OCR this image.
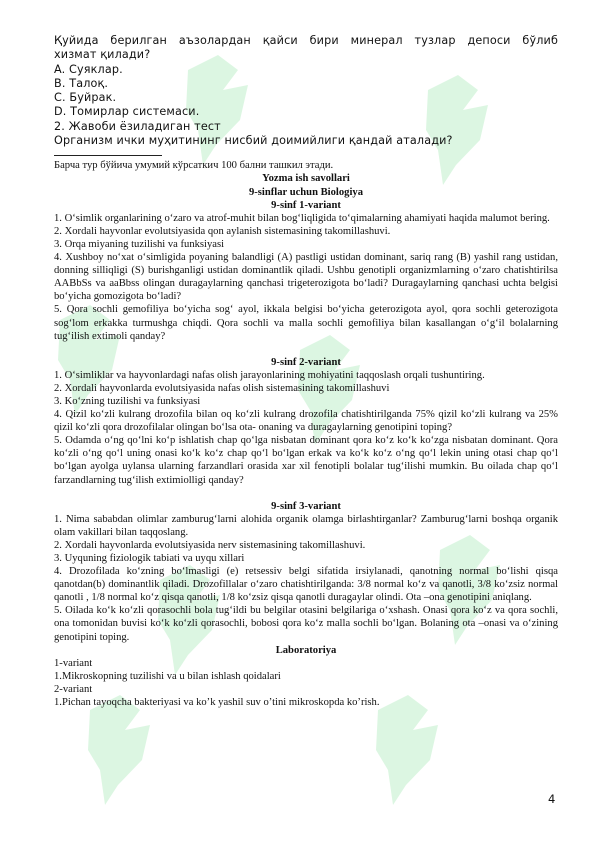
Қуйида берилган аъзолардан қайси бири минерал тузлар депоси бўлиб
хизмат қилади?
A. Суяклар.
B. Талоқ.
C. Буйрак.
D. Томирлар системаси.
2. Жавоби ёзиладиган тест
Организм ички муҳитининг нисбий доимийлиги қандай аталади?

Барча тур бўйича умумий кўрсаткич 100 бални ташкил этади.

Yozma ish savollari

9-sinflar uchun Biologiya

9-sinf 1-variant

1. O‘simlik organlarining o‘zaro va atrof-muhit bilan bog‘liqligida to‘qimalarning ahamiyati haqida malumot bering.

2. Xordali hayvonlar evolutsiyasida qon aylanish sistemasining takomillashuvi.

3. Orqa miyaning tuzilishi va funksiyasi

4. Xushboy no‘xat o‘simligida poyaning balandligi (A) pastligi ustidan dominant, sariq rang (B) yashil rang ustidan, donning silliqligi (S) burishganligi ustidan dominantlik qiladi. Ushbu genotipli organizmlarning o‘zaro chatishtirilsa AABbSs va aaBbss olingan duragaylarning qanchasi trigeterozigota bo‘ladi? Duragaylarning qanchasi uchta belgisi bo‘yicha gomozigota bo‘ladi?

5. Qora sochli gemofiliya bo‘yicha sog‘ ayol, ikkala belgisi bo‘yicha geterozigota ayol, qora sochli geterozigota sog‘lom erkakka turmushga chiqdi. Qora sochli va malla sochli gemofiliya bilan kasallangan o‘g‘il bolalarning tug‘ilish extimoli qanday?

9-sinf 2-variant

1. O‘simliklar va hayvonlardagi nafas olish jarayonlarining mohiyatini taqqoslash orqali tushuntiring.

2. Xordali hayvonlarda evolutsiyasida nafas olish sistemasining takomillashuvi

3. Ko‘zning tuzilishi va funksiyasi

4. Qizil ko‘zli kulrang drozofila bilan oq ko‘zli kulrang drozofila chatishtirilganda 75% qizil ko‘zli kulrang va 25% qizil ko‘zli qora drozofilalar olingan bo‘lsa ota- onaning va duragaylarning genotipini toping?

5. Odamda o‘ng qo‘lni ko‘p ishlatish chap qo‘lga nisbatan dominant qora ko‘z ko‘k ko‘zga nisbatan dominant. Qora ko‘zli o‘ng qo‘l uning onasi ko‘k ko‘z chap qo‘l bo‘lgan erkak va ko‘k ko‘z o‘ng qo‘l lekin uning otasi chap qo‘l bo‘lgan ayolga uylansa ularning farzandlari orasida xar xil fenotipli bolalar tug‘ilishi mumkin. Bu oilada chap qo‘l farzandlarning tug‘ilish extimiolligi qanday?

9-sinf 3-variant

1. Nima sababdan olimlar zamburug‘larni alohida organik olamga birlashtirganlar? Zamburug‘larni boshqa organik olam vakillari bilan taqqoslang.

2. Xordali hayvonlarda evolutsiyasida nerv sistemasining takomillashuvi.

3. Uyquning fiziologik tabiati va uyqu xillari

4. Drozofilada ko‘zning bo‘lmasligi (e) retsessiv belgi sifatida irsiylanadi, qanotning normal bo‘lishi qisqa qanotdan(b) dominantlik qiladi. Drozofillalar o‘zaro chatishtirilganda: 3/8 normal ko‘z va qanotli, 3/8 ko‘zsiz normal qanotli , 1/8 normal ko‘z qisqa qanotli, 1/8 ko‘zsiz qisqa qanotli duragaylar olindi. Ota –ona genotipini aniqlang.

5. Oilada ko‘k ko‘zli qorasochli bola tug‘ildi bu belgilar otasini belgilariga o‘xshash. Onasi qora ko‘z va qora sochli, ona tomonidan buvisi ko‘k ko‘zli qorasochli, bobosi qora ko‘z malla sochli bo‘lgan. Bolaning ota –onasi va o‘zining genotipini toping.

Laboratoriya

1-variant

1.Mikroskopning tuzilishi va u bilan ishlash qoidalari

2-variant

1.Pichan tayoqcha bakteriyasi va ko’k yashil suv o’tini mikroskopda ko’rish.

4
